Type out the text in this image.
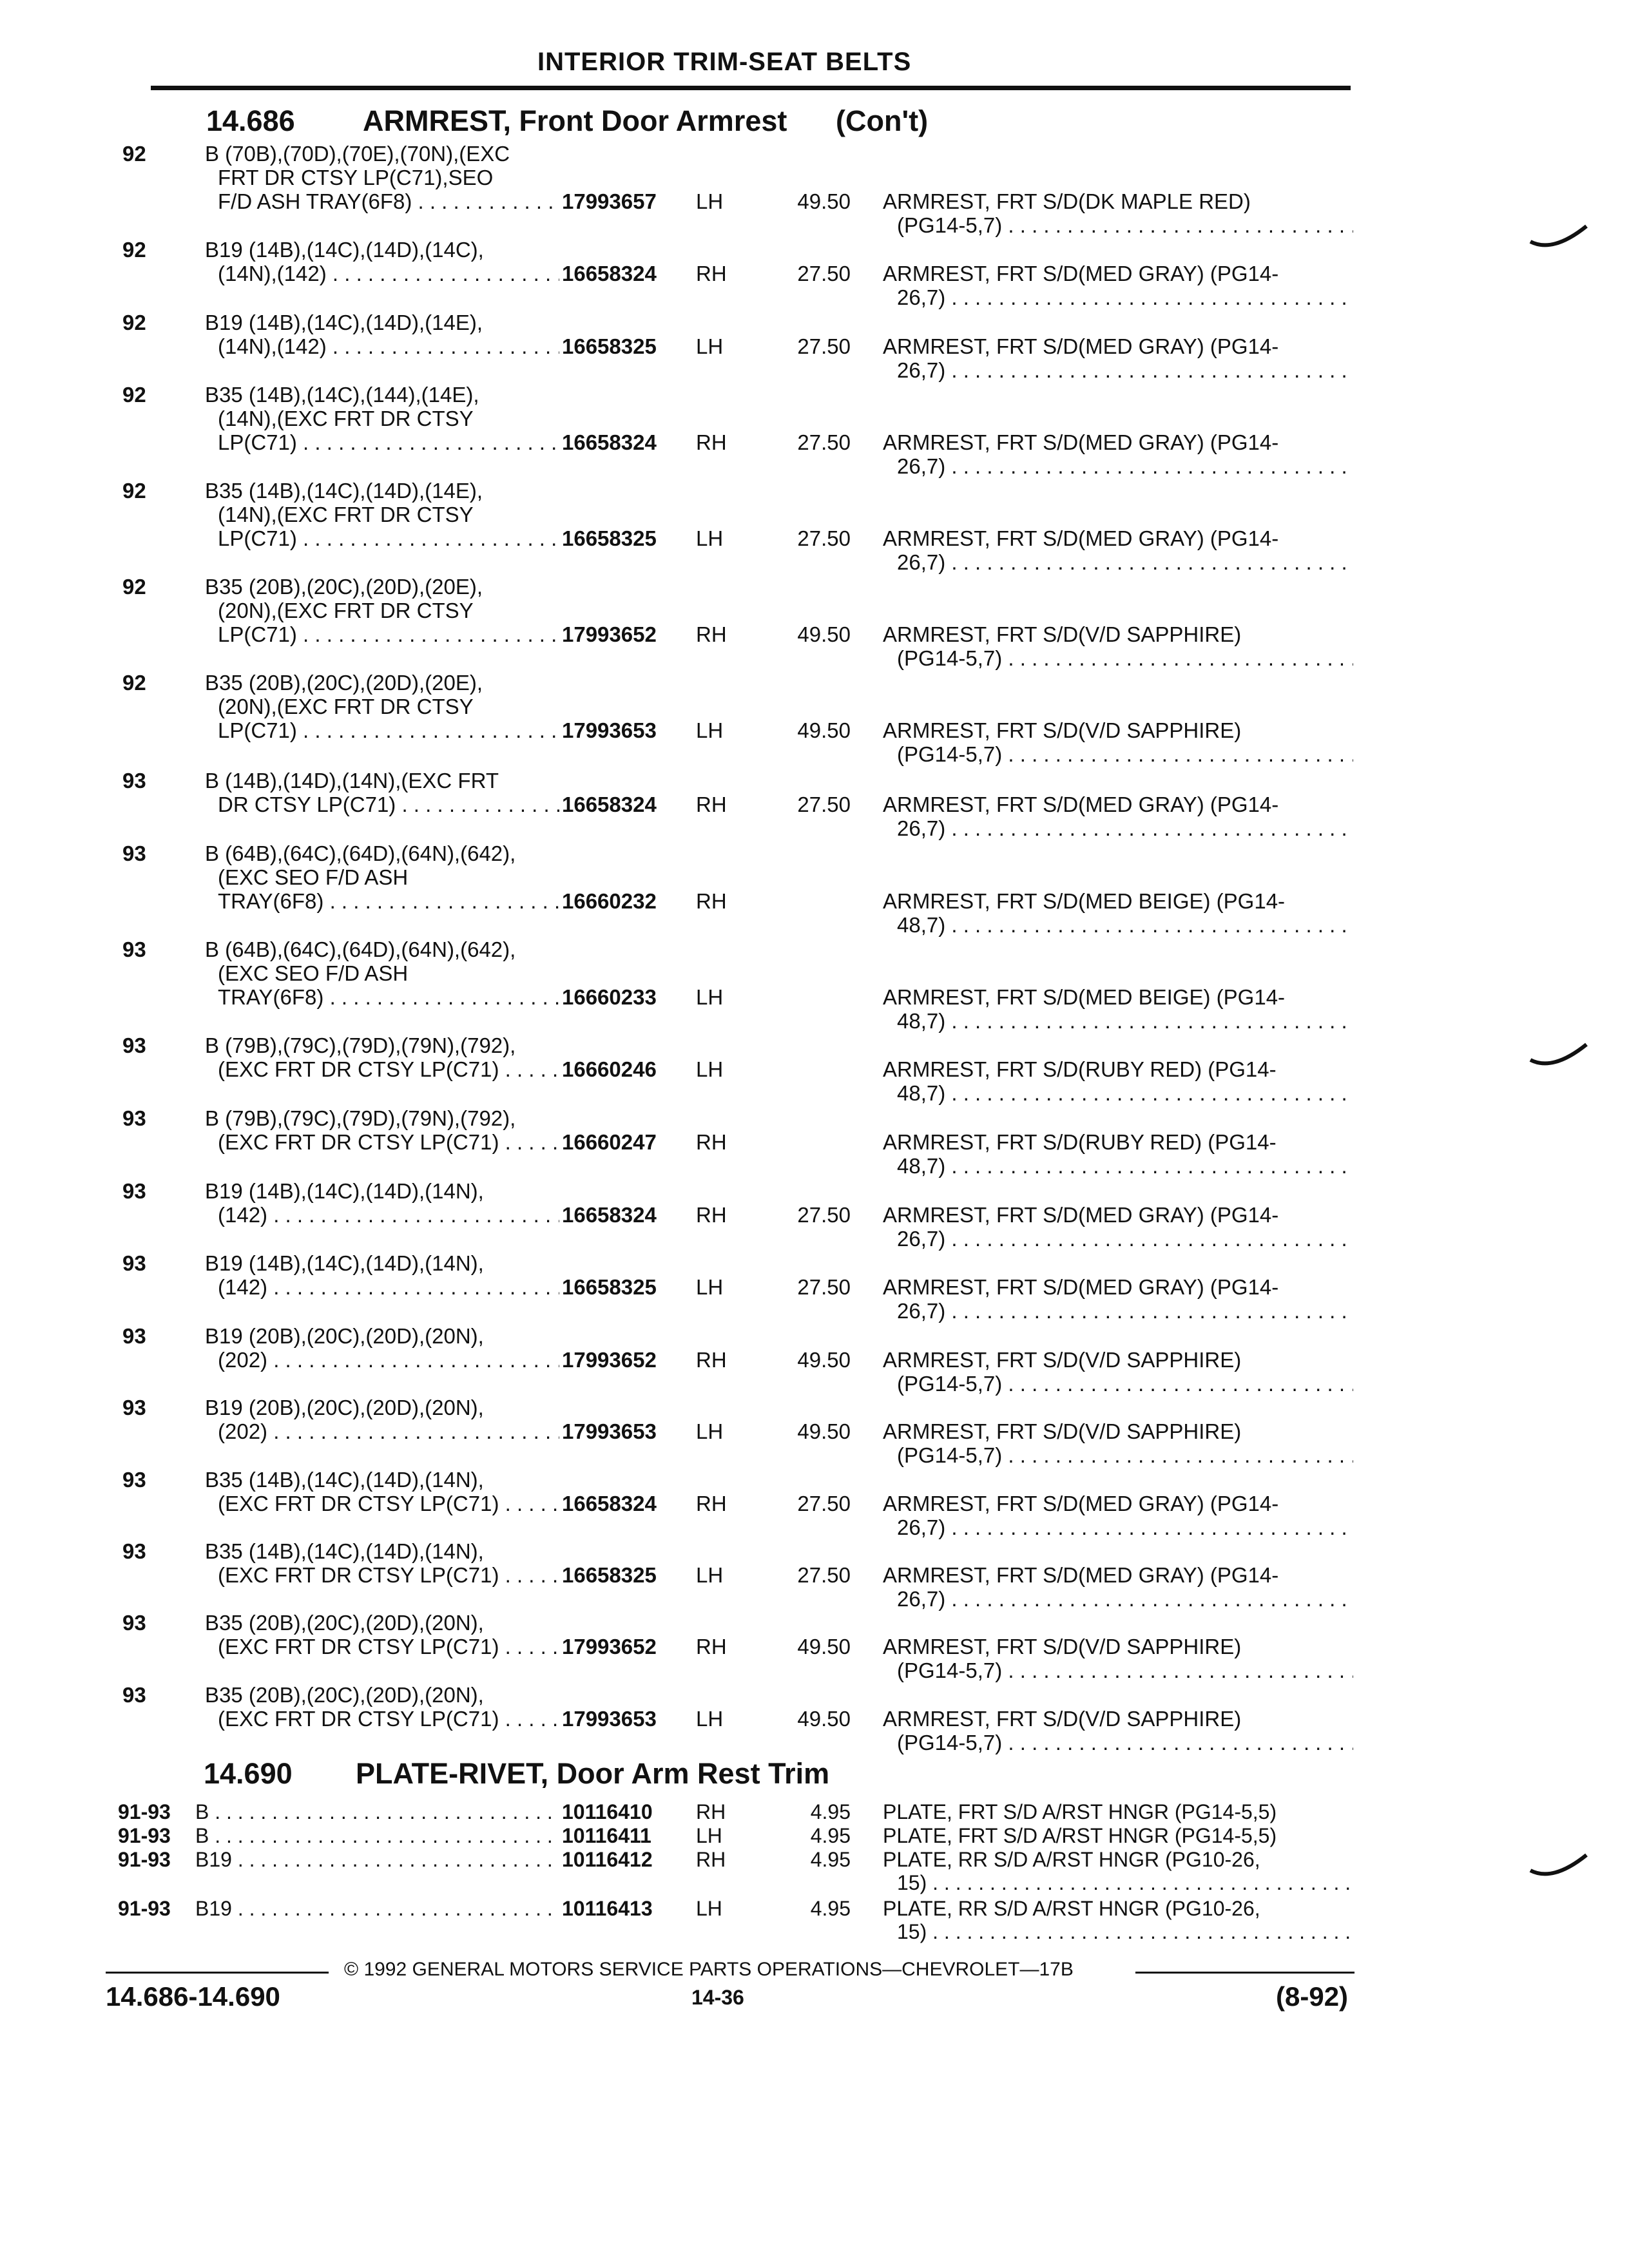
INTERIOR TRIM-SEAT BELTS
14.686 ARMREST, Front Door Armrest (Con't)
92	B (70B),(70D),(70E),(70N),(EXC
FRT DR CTSY LP(C71),SEO
F/D ASH TRAY(6F8) . . .	17993657 LH	49.50 ARMREST, FRT S/D(DK MAPLE RED)
(PG14-5,7) . . .
92	B19 (14B),(14C),(14D),(14C),
(14N),(142) . . .	16658324 RH	27.50 ARMREST, FRT S/D(MED GRAY) (PG14-
26,7) . . .
92	B19 (14B),(14C),(14D),(14E),
(14N),(142) . . .	16658325 LH	27.50 ARMREST, FRT S/D(MED GRAY) (PG14-
26,7) . . .
92	B35 (14B),(14C),(144),(14E),
(14N),(EXC FRT DR CTSY
LP(C71) . . .	16658324 RH	27.50 ARMREST, FRT S/D(MED GRAY) (PG14-
26,7) . . .
92	B35 (14B),(14C),(14D),(14E),
(14N),(EXC FRT DR CTSY
LP(C71) . . .	16658325 LH	27.50 ARMREST, FRT S/D(MED GRAY) (PG14-
26,7) . . .
92	B35 (20B),(20C),(20D),(20E),
(20N),(EXC FRT DR CTSY
LP(C71) . . .	17993652 RH	49.50 ARMREST, FRT S/D(V/D SAPPHIRE)
(PG14-5,7) . . .
92	B35 (20B),(20C),(20D),(20E),
(20N),(EXC FRT DR CTSY
LP(C71) . . .	17993653 LH	49.50 ARMREST, FRT S/D(V/D SAPPHIRE)
(PG14-5,7) . . .
93	B (14B),(14D),(14N),(EXC FRT
DR CTSY LP(C71) . . .	16658324 RH	27.50 ARMREST, FRT S/D(MED GRAY) (PG14-
26,7) . . .
93	B (64B),(64C),(64D),(64N),(642),
(EXC SEO F/D ASH
TRAY(6F8) . . .	16660232 RH	ARMREST, FRT S/D(MED BEIGE) (PG14-
48,7) . . .
93	B (64B),(64C),(64D),(64N),(642),
(EXC SEO F/D ASH
TRAY(6F8) . . .	16660233 LH	ARMREST, FRT S/D(MED BEIGE) (PG14-
48,7) . . .
93	B (79B),(79C),(79D),(79N),(792),
(EXC FRT DR CTSY LP(C71) . . .	16660246 LH	ARMREST, FRT S/D(RUBY RED) (PG14-
48,7) . . .
93	B (79B),(79C),(79D),(79N),(792),
(EXC FRT DR CTSY LP(C71) . . .	16660247 RH	ARMREST, FRT S/D(RUBY RED) (PG14-
48,7) . . .
93	B19 (14B),(14C),(14D),(14N),
(142) . . .	16658324 RH	27.50 ARMREST, FRT S/D(MED GRAY) (PG14-
26,7) . . .
93	B19 (14B),(14C),(14D),(14N),
(142) . . .	16658325 LH	27.50 ARMREST, FRT S/D(MED GRAY) (PG14-
26,7) . . .
93	B19 (20B),(20C),(20D),(20N),
(202) . . .	17993652 RH	49.50 ARMREST, FRT S/D(V/D SAPPHIRE)
(PG14-5,7) . . .
93	B19 (20B),(20C),(20D),(20N),
(202) . . .	17993653 LH	49.50 ARMREST, FRT S/D(V/D SAPPHIRE)
(PG14-5,7) . . .
93	B35 (14B),(14C),(14D),(14N),
(EXC FRT DR CTSY LP(C71) . . .	16658324 RH	27.50 ARMREST, FRT S/D(MED GRAY) (PG14-
26,7) . . .
93	B35 (14B),(14C),(14D),(14N),
(EXC FRT DR CTSY LP(C71) . . .	16658325 LH	27.50 ARMREST, FRT S/D(MED GRAY) (PG14-
26,7) . . .
93	B35 (20B),(20C),(20D),(20N),
(EXC FRT DR CTSY LP(C71) . . .	17993652 RH	49.50 ARMREST, FRT S/D(V/D SAPPHIRE)
(PG14-5,7) . . .
93	B35 (20B),(20C),(20D),(20N),
(EXC FRT DR CTSY LP(C71) . . .	17993653 LH	49.50 ARMREST, FRT S/D(V/D SAPPHIRE)
(PG14-5,7) . . .
14.690 PLATE-RIVET, Door Arm Rest Trim
91-93	B . . .	10116410 RH	4.95 PLATE, FRT S/D A/RST HNGR (PG14-5,5)
91-93	B . . .	10116411 LH	4.95 PLATE, FRT S/D A/RST HNGR (PG14-5,5)
91-93	B19 . . .	10116412 RH	4.95 PLATE, RR S/D A/RST HNGR (PG10-26,
15) . . .
91-93	B19 . . .	10116413 LH	4.95 PLATE, RR S/D A/RST HNGR (PG10-26,
15) . . .
© 1992 GENERAL MOTORS SERVICE PARTS OPERATIONS—CHEVROLET—17B
14.686-14.690	14-36	(8-92)
